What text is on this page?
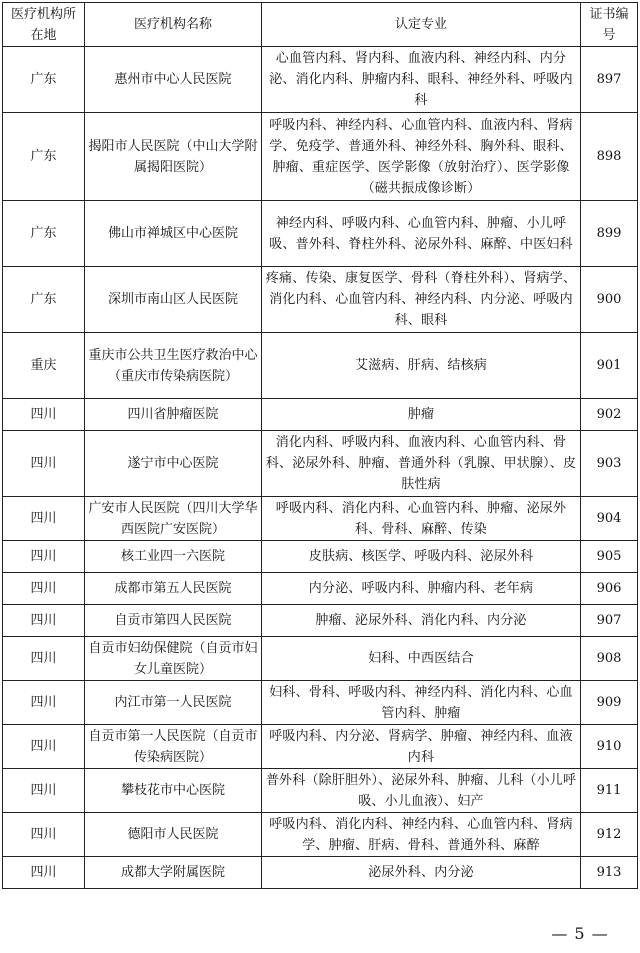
医疗机构所在地	医疗机构名称	认定专业	证书编号
广东	惠州市中心人民医院	心血管内科、肾内科、血液内科、神经内科、内分泌、消化内科、肿瘤内科、眼科、神经外科、呼吸内科	897
广东	揭阳市人民医院（中山大学附属揭阳医院）	呼吸内科、神经内科、心血管内科、血液内科、肾病学、免疫学、普通外科、神经外科、胸外科、眼科、肿瘤、重症医学、医学影像（放射治疗）、医学影像（磁共振成像诊断）	898
广东	佛山市禅城区中心医院	神经内科、呼吸内科、心血管内科、肿瘤、小儿呼吸、普外科、脊柱外科、泌尿外科、麻醉、中医妇科	899
广东	深圳市南山区人民医院	疼痛、传染、康复医学、骨科（脊柱外科）、肾病学、消化内科、心血管内科、神经内科、内分泌、呼吸内科、眼科	900
重庆	重庆市公共卫生医疗救治中心（重庆市传染病医院）	艾滋病、肝病、结核病	901
四川	四川省肿瘤医院	肿瘤	902
四川	遂宁市中心医院	消化内科、呼吸内科、血液内科、心血管内科、骨科、泌尿外科、肿瘤、普通外科（乳腺、甲状腺）、皮肤性病	903
四川	广安市人民医院（四川大学华西医院广安医院）	呼吸内科、消化内科、心血管内科、肿瘤、泌尿外科、骨科、麻醉、传染	904
四川	核工业四一六医院	皮肤病、核医学、呼吸内科、泌尿外科	905
四川	成都市第五人民医院	内分泌、呼吸内科、肿瘤内科、老年病	906
四川	自贡市第四人民医院	肿瘤、泌尿外科、消化内科、内分泌	907
四川	自贡市妇幼保健院（自贡市妇女儿童医院）	妇科、中西医结合	908
四川	内江市第一人民医院	妇科、骨科、呼吸内科、神经内科、消化内科、心血管内科、肿瘤	909
四川	自贡市第一人民医院（自贡市传染病医院）	呼吸内科、内分泌、肾病学、肿瘤、神经内科、血液内科	910
四川	攀枝花市中心医院	普外科（除肝胆外）、泌尿外科、肿瘤、儿科（小儿呼吸、小儿血液）、妇产	911
四川	德阳市人民医院	呼吸内科、消化内科、神经内科、心血管内科、肾病学、肿瘤、肝病、骨科、普通外科、麻醉	912
四川	成都大学附属医院	泌尿外科、内分泌	913
— 5 —
